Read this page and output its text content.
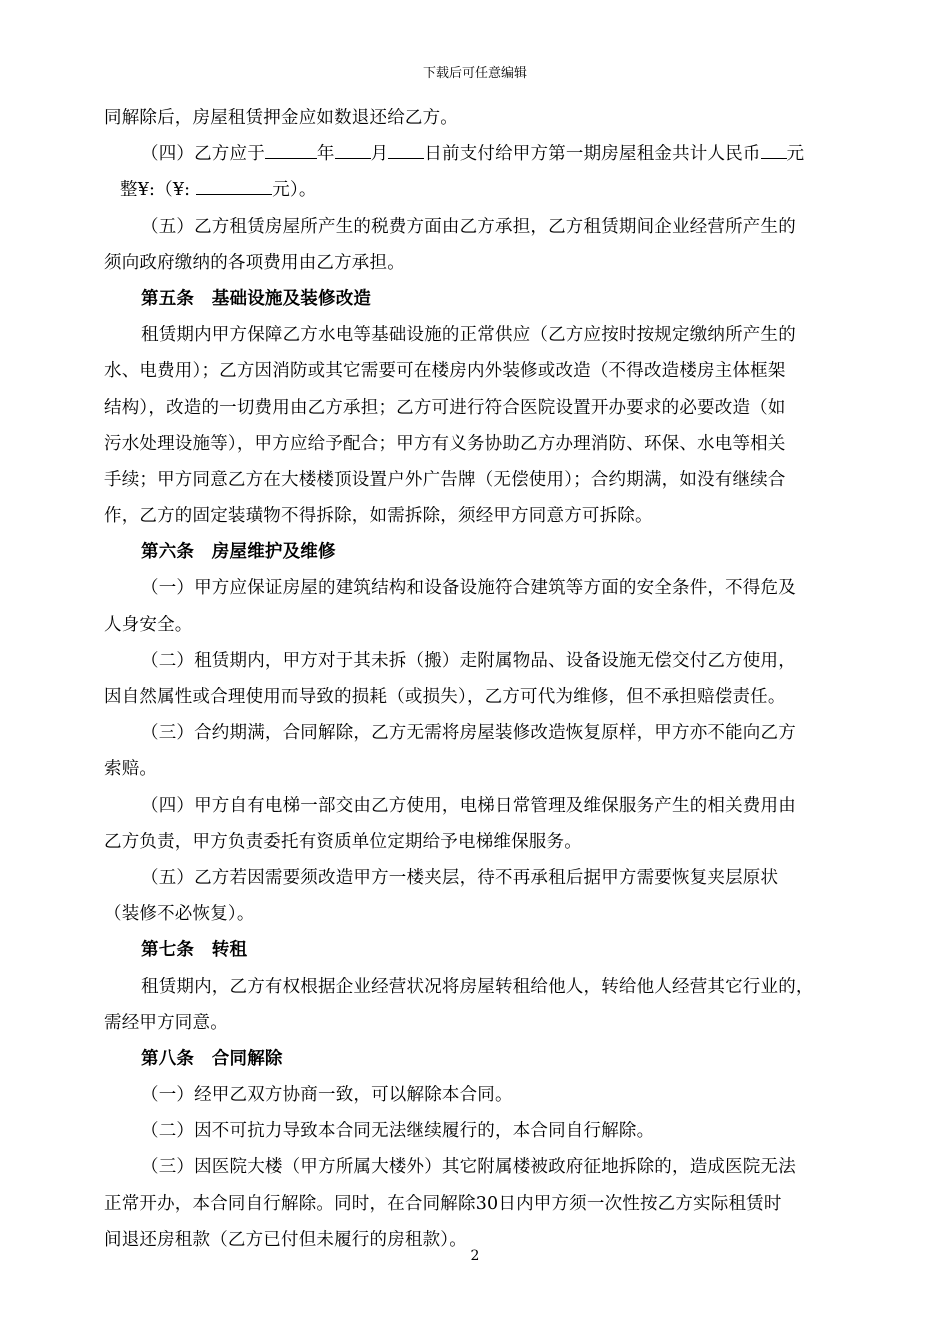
下载后可任意编辑
同解除后，房屋租赁押金应如数退还给乙方。
（四）乙方应于	年 月 日前支付给甲方第一期房屋租金共计人民币 元
整¥:（¥:	元）。
（五）乙方租赁房屋所产生的税费方面由乙方承担，乙方租赁期间企业经营所产生的
须向政府缴纳的各项费用由乙方承担。
第五条　基础设施及装修改造
租赁期内甲方保障乙方水电等基础设施的正常供应（乙方应按时按规定缴纳所产生的
水、电费用）；乙方因消防或其它需要可在楼房内外装修或改造（不得改造楼房主体框架
结构），改造的一切费用由乙方承担；乙方可进行符合医院设置开办要求的必要改造（如
污水处理设施等），甲方应给予配合；甲方有义务协助乙方办理消防、环保、水电等相关
手续；甲方同意乙方在大楼楼顶设置户外广告牌（无偿使用）；合约期满，如没有继续合
作，乙方的固定装璜物不得拆除，如需拆除，须经甲方同意方可拆除。
第六条　房屋维护及维修
（一）甲方应保证房屋的建筑结构和设备设施符合建筑等方面的安全条件，不得危及
人身安全。
（二）租赁期内，甲方对于其未拆（搬）走附属物品、设备设施无偿交付乙方使用，
因自然属性或合理使用而导致的损耗（或损失），乙方可代为维修，但不承担赔偿责任。
（三）合约期满，合同解除，乙方无需将房屋装修改造恢复原样，甲方亦不能向乙方
索赔。
（四）甲方自有电梯一部交由乙方使用，电梯日常管理及维保服务产生的相关费用由
乙方负责，甲方负责委托有资质单位定期给予电梯维保服务。
（五）乙方若因需要须改造甲方一楼夹层，待不再承租后据甲方需要恢复夹层原状
（装修不必恢复）。
第七条　转租
租赁期内，乙方有权根据企业经营状况将房屋转租给他人，转给他人经营其它行业的，
需经甲方同意。
第八条　合同解除
（一）经甲乙双方协商一致，可以解除本合同。
（二）因不可抗力导致本合同无法继续履行的，本合同自行解除。
（三）因医院大楼（甲方所属大楼外）其它附属楼被政府征地拆除的，造成医院无法
正常开办，本合同自行解除。同时，在合同解除30日内甲方须一次性按乙方实际租赁时
间退还房租款（乙方已付但未履行的房租款）。
2
